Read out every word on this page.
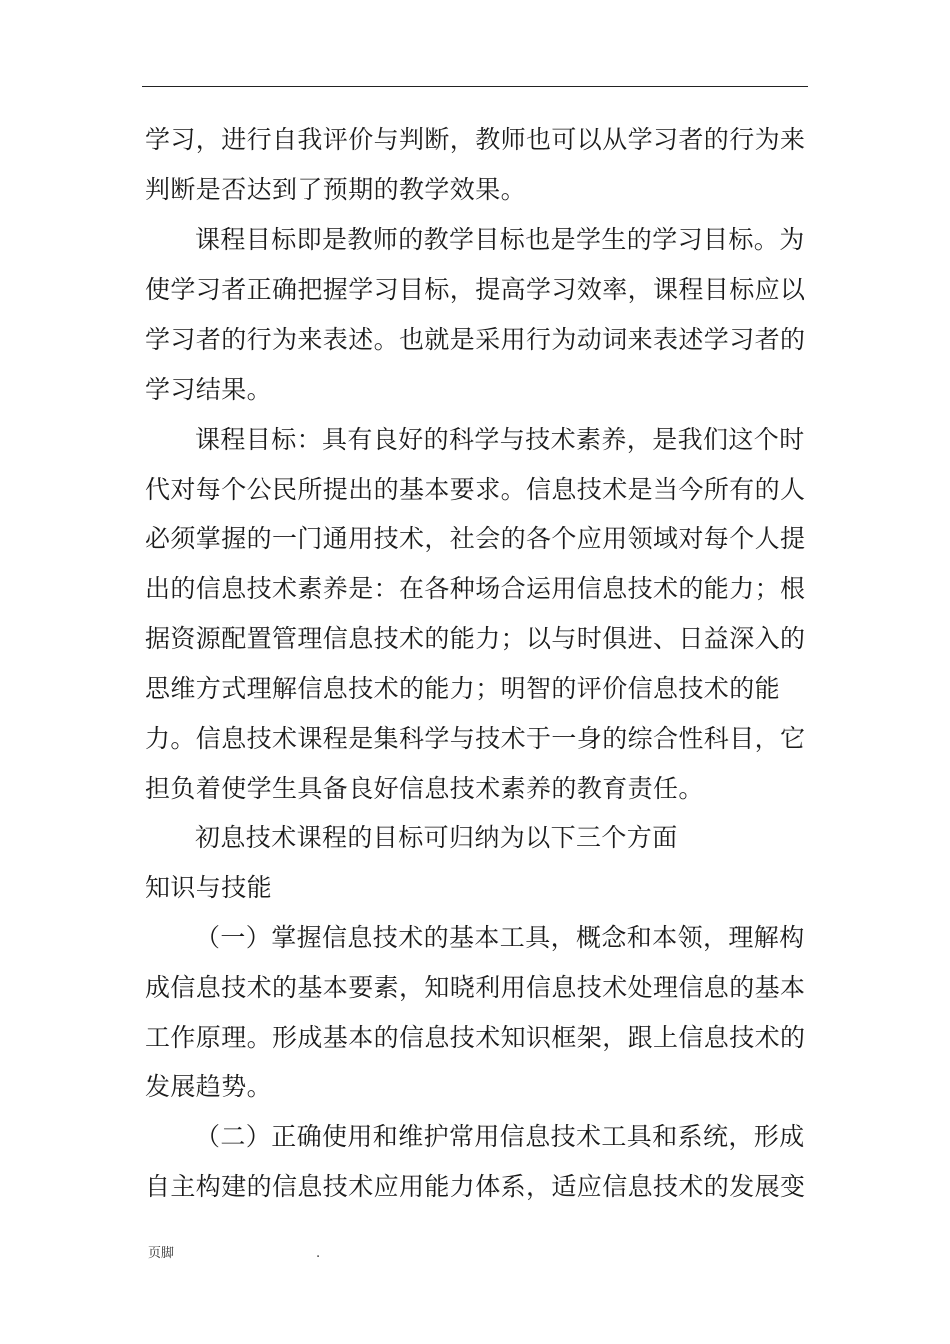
学习，进行自我评价与判断，教师也可以从学习者的行为来
判断是否达到了预期的教学效果。
课程目标即是教师的教学目标也是学生的学习目标。为
使学习者正确把握学习目标，提高学习效率，课程目标应以
学习者的行为来表述。也就是采用行为动词来表述学习者的
学习结果。
课程目标：具有良好的科学与技术素养，是我们这个时
代对每个公民所提出的基本要求。信息技术是当今所有的人
必须掌握的一门通用技术，社会的各个应用领域对每个人提
出的信息技术素养是：在各种场合运用信息技术的能力；根
据资源配置管理信息技术的能力；以与时俱进、日益深入的
思维方式理解信息技术的能力；明智的评价信息技术的能
力。信息技术课程是集科学与技术于一身的综合性科目，它
担负着使学生具备良好信息技术素养的教育责任。
初息技术课程的目标可归纳为以下三个方面
知识与技能
（一）掌握信息技术的基本工具，概念和本领，理解构
成信息技术的基本要素，知晓利用信息技术处理信息的基本
工作原理。形成基本的信息技术知识框架，跟上信息技术的
发展趋势。
（二）正确使用和维护常用信息技术工具和系统，形成
自主构建的信息技术应用能力体系，适应信息技术的发展变
页脚	.
